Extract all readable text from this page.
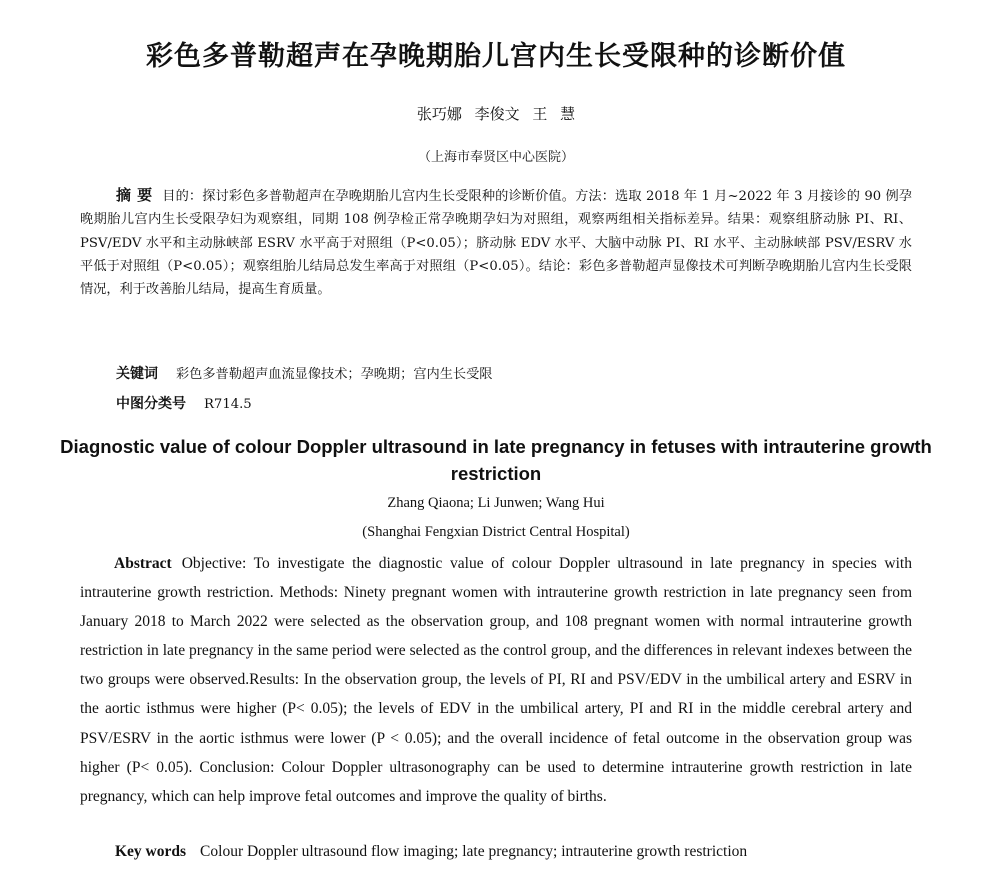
彩色多普勒超声在孕晚期胎儿宫内生长受限种的诊断价值

张巧娜 李俊文 王 慧

（上海市奉贤区中心医院）

摘要 目的：探讨彩色多普勒超声在孕晚期胎儿宫内生长受限种的诊断价值。方法：选取 2018 年 1 月~2022 年 3 月接诊的 90 例孕晚期胎儿宫内生长受限孕妇为观察组，同期 108 例孕检正常孕晚期孕妇为对照组，观察两组相关指标差异。结果：观察组脐动脉 PI、RI、PSV/EDV 水平和主动脉峡部 ESRV 水平高于对照组（P<0.05）；脐动脉 EDV 水平、大脑中动脉 PI、RI 水平、主动脉峡部 PSV/ESRV 水平低于对照组（P<0.05）；观察组胎儿结局总发生率高于对照组（P<0.05）。结论：彩色多普勒超声显像技术可判断孕晚期胎儿宫内生长受限情况，利于改善胎儿结局，提高生育质量。

关键词 彩色多普勒超声血流显像技术；孕晚期；宫内生长受限

中图分类号 R714.5

Diagnostic value of colour Doppler ultrasound in late pregnancy in fetuses with intrauterine growth restriction

Zhang Qiaona; Li Junwen; Wang Hui

(Shanghai Fengxian District Central Hospital)

Abstract Objective: To investigate the diagnostic value of colour Doppler ultrasound in late pregnancy in species with intrauterine growth restriction. Methods: Ninety pregnant women with intrauterine growth restriction in late pregnancy seen from January 2018 to March 2022 were selected as the observation group, and 108 pregnant women with normal intrauterine growth restriction in late pregnancy in the same period were selected as the control group, and the differences in relevant indexes between the two groups were observed.Results: In the observation group, the levels of PI, RI and PSV/EDV in the umbilical artery and ESRV in the aortic isthmus were higher (P< 0.05); the levels of EDV in the umbilical artery, PI and RI in the middle cerebral artery and PSV/ESRV in the aortic isthmus were lower (P < 0.05); and the overall incidence of fetal outcome in the observation group was higher (P< 0.05). Conclusion: Colour Doppler ultrasonography can be used to determine intrauterine growth restriction in late pregnancy, which can help improve fetal outcomes and improve the quality of births.

Key words Colour Doppler ultrasound flow imaging; late pregnancy; intrauterine growth restriction
